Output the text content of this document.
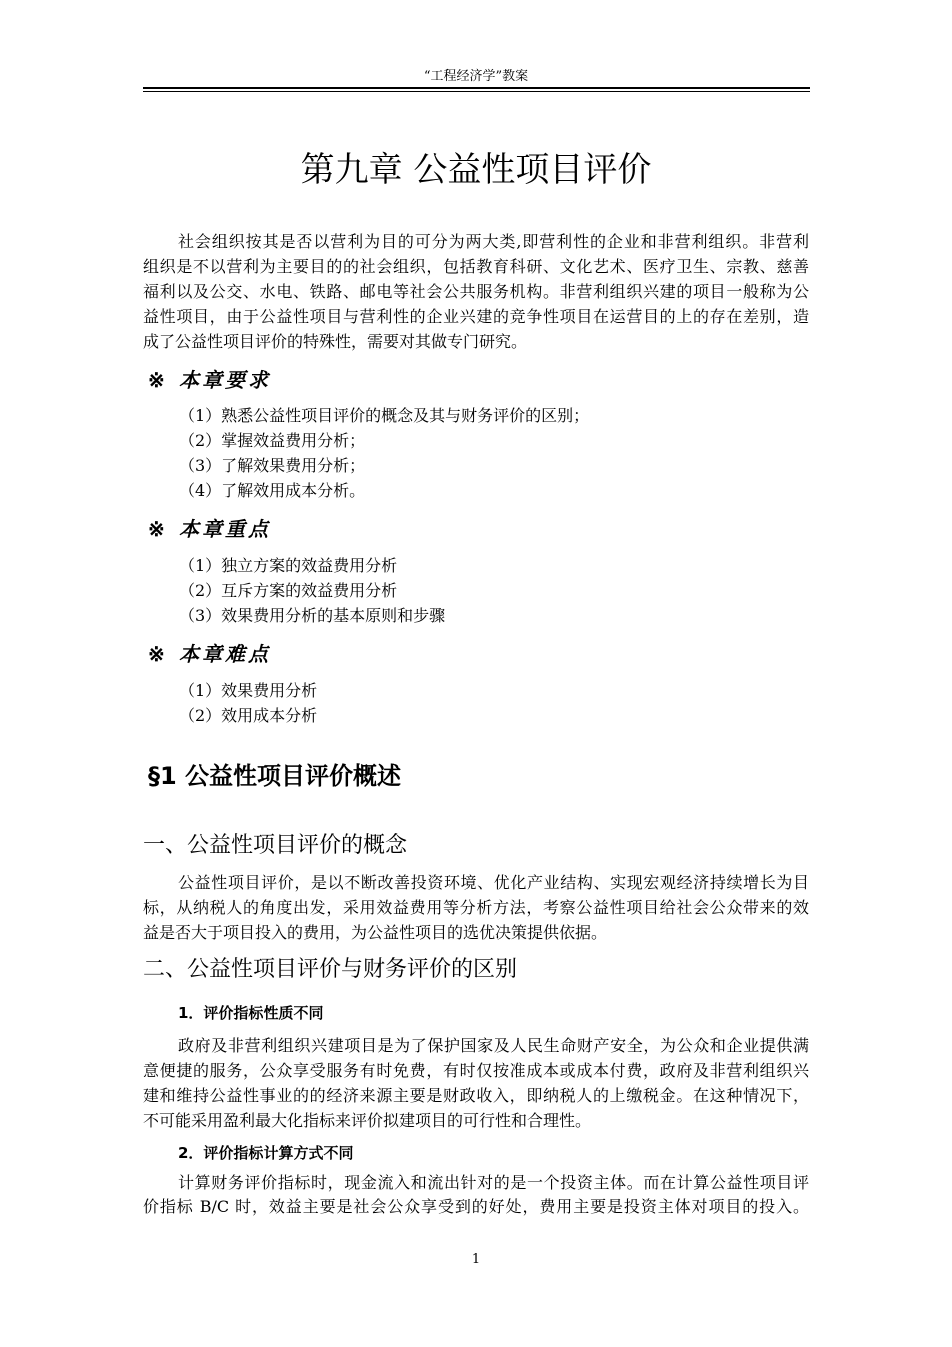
“工程经济学”教案
第九章 公益性项目评价
社会组织按其是否以营利为目的可分为两大类,即营利性的企业和非营利组织。非营利
组织是不以营利为主要目的的社会组织，包括教育科研、文化艺术、医疗卫生、宗教、慈善
福利以及公交、水电、铁路、邮电等社会公共服务机构。非营利组织兴建的项目一般称为公
益性项目，由于公益性项目与营利性的企业兴建的竞争性项目在运营目的上的存在差别，造
成了公益性项目评价的特殊性，需要对其做专门研究。
※ 本章要求
（1）熟悉公益性项目评价的概念及其与财务评价的区别；
（2）掌握效益费用分析；
（3）了解效果费用分析；
（4）了解效用成本分析。
※ 本章重点
（1）独立方案的效益费用分析
（2）互斥方案的效益费用分析
（3）效果费用分析的基本原则和步骤
※ 本章难点
（1）效果费用分析
（2）效用成本分析
§1 公益性项目评价概述
一、公益性项目评价的概念
公益性项目评价，是以不断改善投资环境、优化产业结构、实现宏观经济持续增长为目
标，从纳税人的角度出发，采用效益费用等分析方法，考察公益性项目给社会公众带来的效
益是否大于项目投入的费用，为公益性项目的选优决策提供依据。
二、公益性项目评价与财务评价的区别
1．评价指标性质不同
政府及非营利组织兴建项目是为了保护国家及人民生命财产安全，为公众和企业提供满
意便捷的服务，公众享受服务有时免费，有时仅按准成本或成本付费，政府及非营利组织兴
建和维持公益性事业的的经济来源主要是财政收入，即纳税人的上缴税金。在这种情况下，
不可能采用盈利最大化指标来评价拟建项目的可行性和合理性。
2．评价指标计算方式不同
计算财务评价指标时，现金流入和流出针对的是一个投资主体。而在计算公益性项目评
价指标 B/C 时，效益主要是社会公众享受到的好处，费用主要是投资主体对项目的投入。
1
